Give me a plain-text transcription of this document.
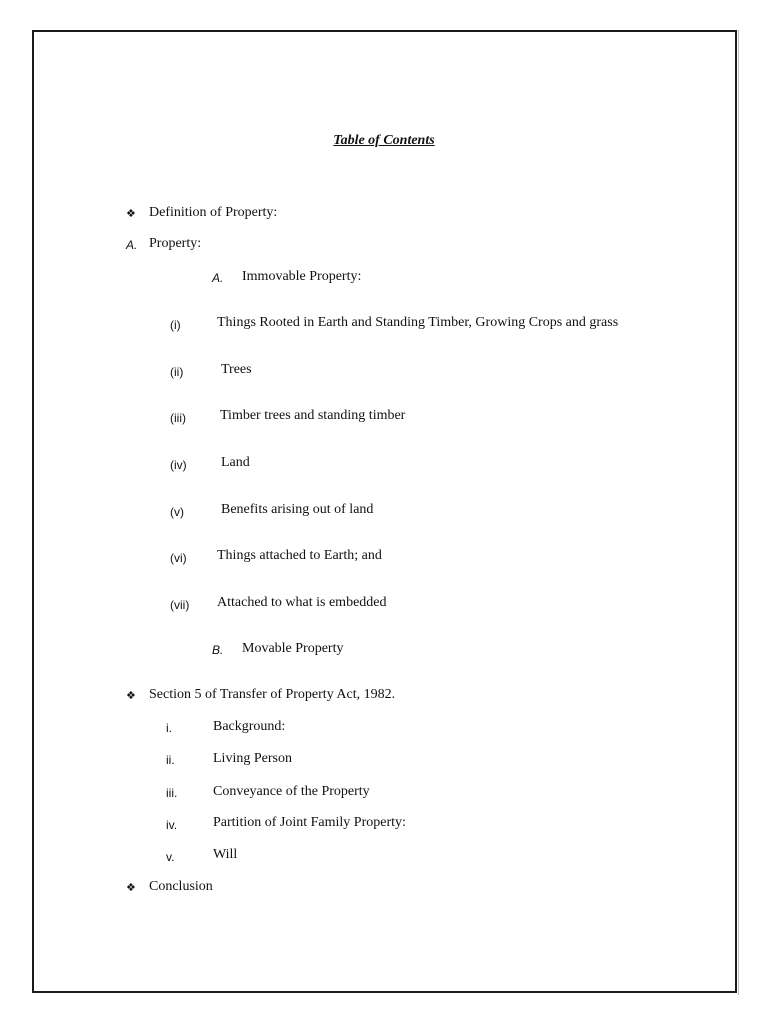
Table of Contents
❖ Definition of Property:
A. Property:
A. Immovable Property:
(i)	Things Rooted in Earth and Standing Timber, Growing Crops and grass
(ii)	Trees
(iii) Timber trees and standing timber
(iv) Land
(v)	Benefits arising out of land
(vi) Things attached to Earth; and
(vii) Attached to what is embedded
B. Movable Property
❖ Section 5 of Transfer of Property Act, 1982.
i.	Background:
ii.	Living Person
iii.	Conveyance of the Property
iv.	Partition of Joint Family Property:
v.	Will
❖ Conclusion
